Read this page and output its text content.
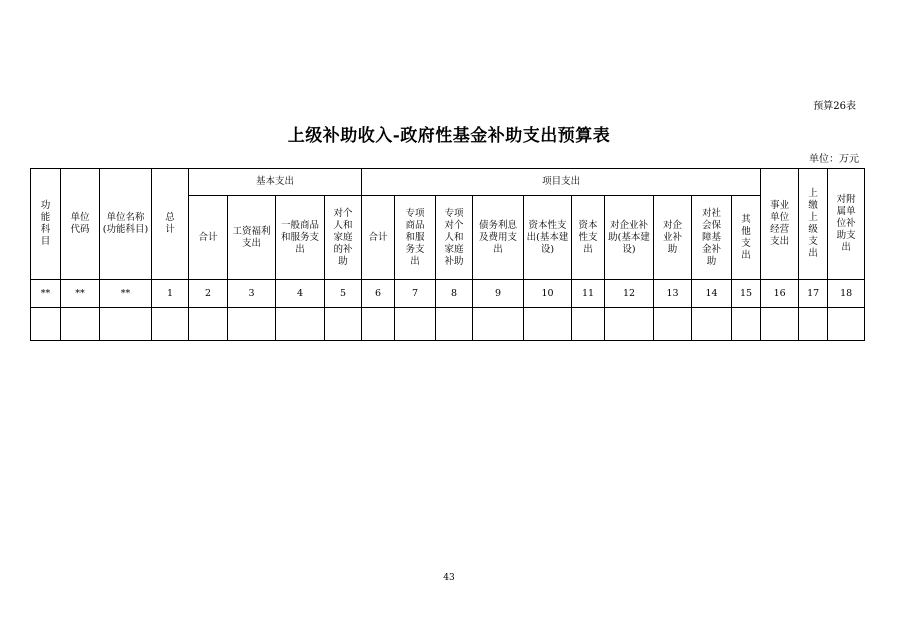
预算26表
上级补助收入-政府性基金补助支出预算表
单位：万元
功能科目	单位代码	单位名称(功能科目)	总计	基本支出				项目支出										事业单位经营支出	上缴上级支出	对附属单位补助支出
				合计	工资福利支出	一般商品和服务支出	对个人和家庭的补助	合计	专项商品和服务支出	专项对个人和家庭补助	债务利息及费用支出	资本性支出(基本建设)	资本性支出	对企业补助(基本建设)	对企业补助	对社会保障基金补助	其他支出			
**	**	**	1	2	3	4	5	6	7	8	9	10	11	12	13	14	15	16	17	18

43
